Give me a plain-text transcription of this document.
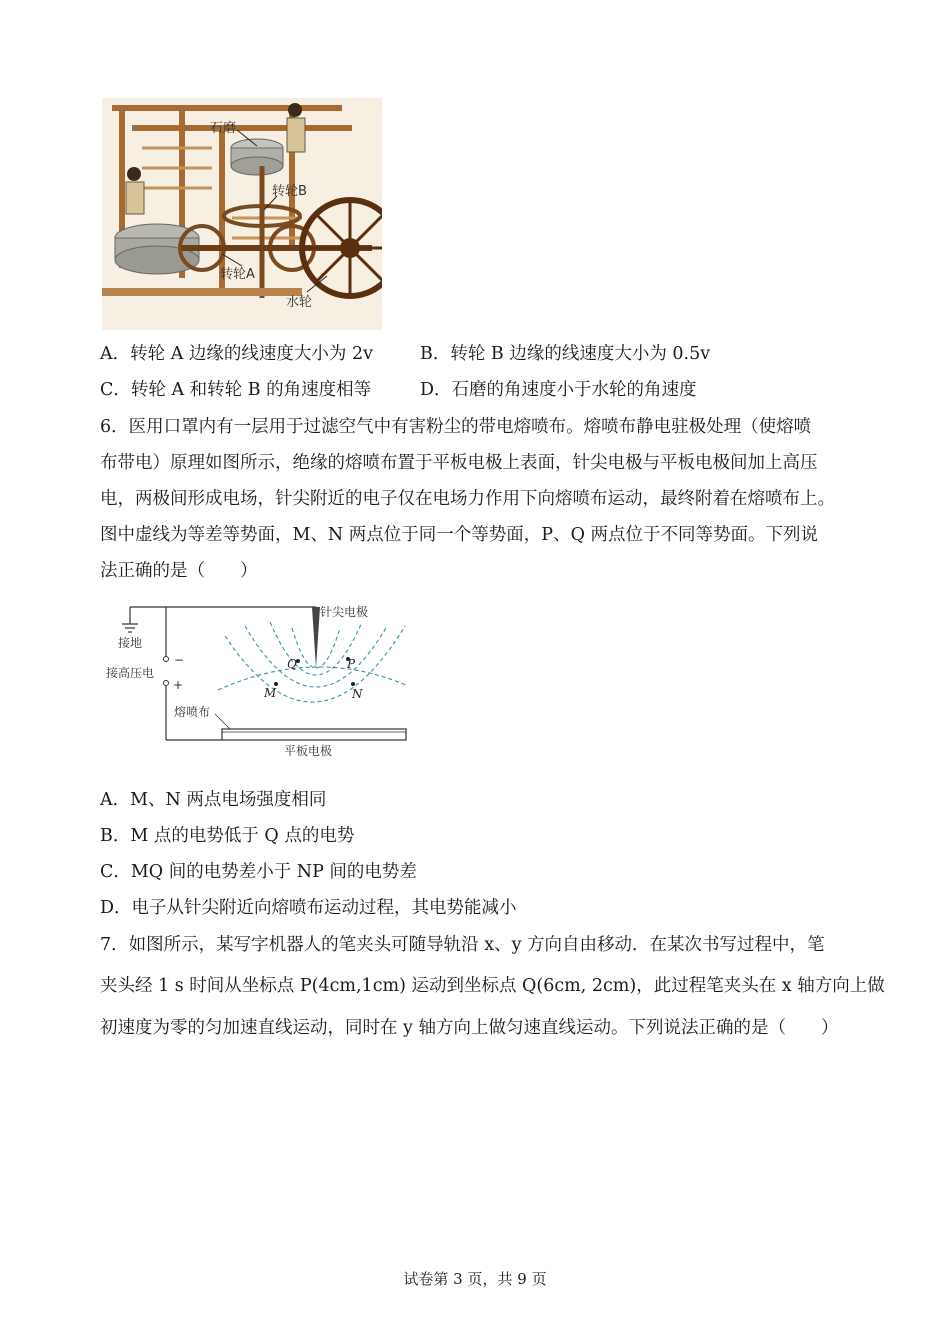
石磨
转轮B
转轮A
水轮
A．转轮 A 边缘的线速度大小为 2v	B．转轮 B 边缘的线速度大小为 0.5v
C．转轮 A 和转轮 B 的角速度相等	D．石磨的角速度小于水轮的角速度
6．医用口罩内有一层用于过滤空气中有害粉尘的带电熔喷布。熔喷布静电驻极处理（使熔喷
布带电）原理如图所示，绝缘的熔喷布置于平板电极上表面，针尖电极与平板电极间加上高压
电，两极间形成电场，针尖附近的电子仅在电场力作用下向熔喷布运动，最终附着在熔喷布上。
图中虚线为等差等势面，M、N 两点位于同一个等势面，P、Q 两点位于不同等势面。下列说
法正确的是（　　）
Q	P
M	N
针尖电极
接地
−
接高压电
+
熔喷布
平板电极
A．M、N 两点电场强度相同
B．M 点的电势低于 Q 点的电势
C．MQ 间的电势差小于 NP 间的电势差
D．电子从针尖附近向熔喷布运动过程，其电势能减小
7．如图所示，某写字机器人的笔夹头可随导轨沿 x、y 方向自由移动．在某次书写过程中，笔
夹头经 1 s 时间从坐标点 P(4cm,1cm) 运动到坐标点 Q(6cm, 2cm)，此过程笔夹头在 x 轴方向上做
初速度为零的匀加速直线运动，同时在 y 轴方向上做匀速直线运动。下列说法正确的是（　　）
试卷第 3 页，共 9 页
